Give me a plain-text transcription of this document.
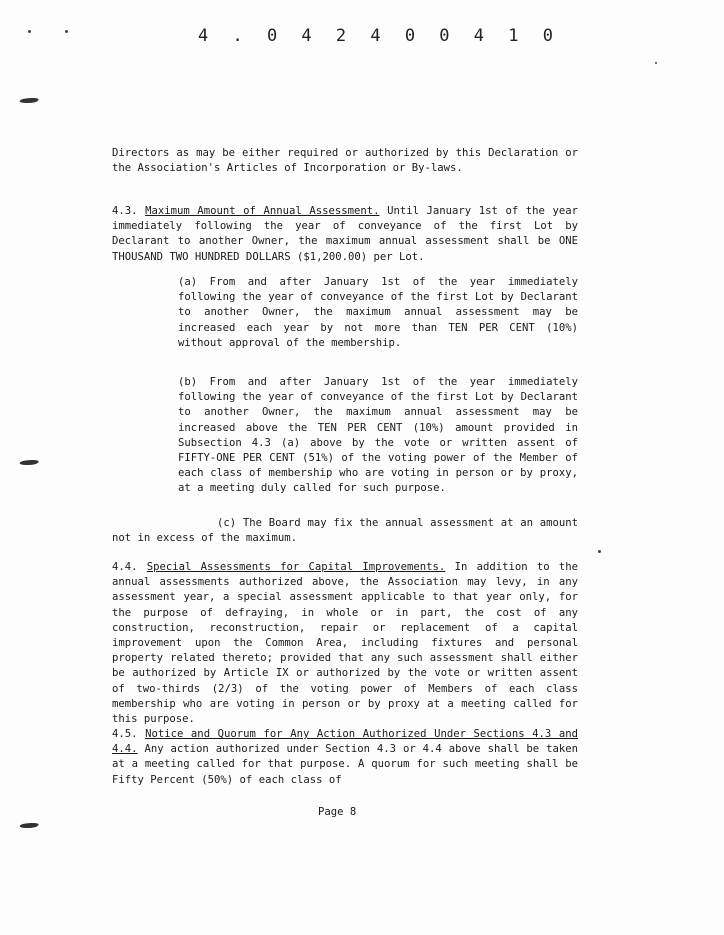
4 . 0 4 2 4 0 0 4 1 0

Directors as may be either required or authorized by this Declaration or the Association's Articles of Incorporation or By-laws.

4.3. Maximum Amount of Annual Assessment. Until January 1st of the year immediately following the year of conveyance of the first Lot by Declarant to another Owner, the maximum annual assessment shall be ONE THOUSAND TWO HUNDRED DOLLARS ($1,200.00) per Lot.

(a) From and after January 1st of the year immediately following the year of conveyance of the first Lot by Declarant to another Owner, the maximum annual assessment may be increased each year by not more than TEN PER CENT (10%) without approval of the membership.

(b) From and after January 1st of the year immediately following the year of conveyance of the first Lot by Declarant to another Owner, the maximum annual assessment may be increased above the TEN PER CENT (10%) amount provided in Subsection 4.3 (a) above by the vote or written assent of FIFTY-ONE PER CENT (51%) of the voting power of the Member of each class of membership who are voting in person or by proxy, at a meeting duly called for such purpose.

(c) The Board may fix the annual assessment at an amount not in excess of the maximum.

4.4. Special Assessments for Capital Improvements. In addition to the annual assessments authorized above, the Association may levy, in any assessment year, a special assessment applicable to that year only, for the purpose of defraying, in whole or in part, the cost of any construction, reconstruction, repair or replacement of a capital improvement upon the Common Area, including fixtures and personal property related thereto; provided that any such assessment shall either be authorized by Article IX or authorized by the vote or written assent of two-thirds (2/3) of the voting power of Members of each class membership who are voting in person or by proxy at a meeting called for this purpose.

4.5. Notice and Quorum for Any Action Authorized Under Sections 4.3 and 4.4. Any action authorized under Section 4.3 or 4.4 above shall be taken at a meeting called for that purpose. A quorum for such meeting shall be Fifty Percent (50%) of each class of

Page 8
